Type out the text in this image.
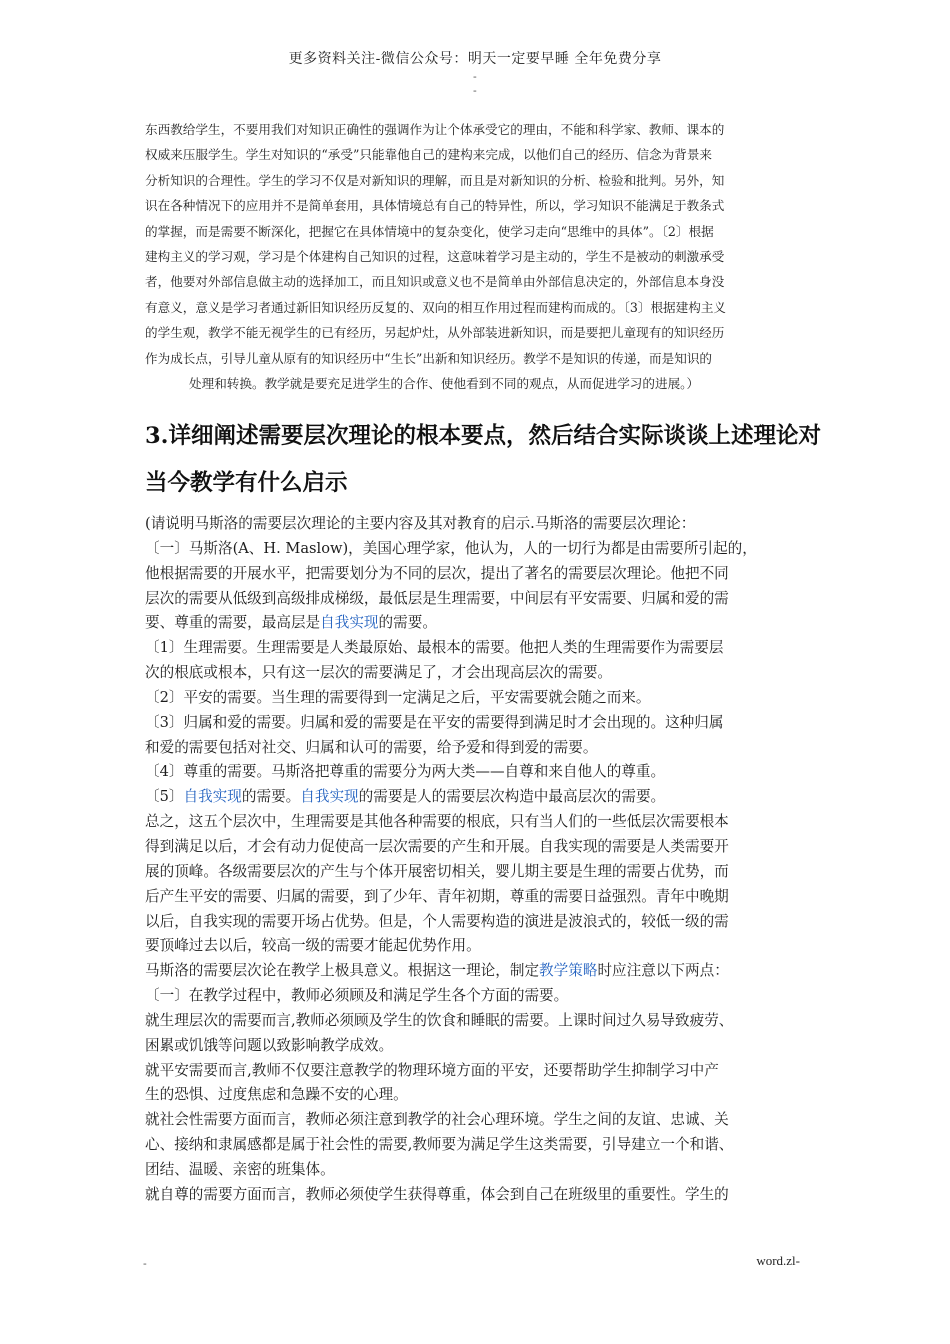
更多资料关注-微信公众号：明天一定要早睡 全年免费分享
-
-
东西教给学生，不要用我们对知识正确性的强调作为让个体承受它的理由，不能和科学家、教师、课本的
权威来压服学生。学生对知识的“承受”只能靠他自己的建构来完成，以他们自己的经历、信念为背景来
分析知识的合理性。学生的学习不仅是对新知识的理解，而且是对新知识的分析、检验和批判。另外，知
识在各种情况下的应用并不是简单套用，具体情境总有自己的特异性，所以，学习知识不能满足于教条式
的掌握，而是需要不断深化，把握它在具体情境中的复杂变化，使学习走向“思维中的具体”。〔2〕根据
建构主义的学习观，学习是个体建构自己知识的过程，这意味着学习是主动的，学生不是被动的刺激承受
者，他要对外部信息做主动的选择加工，而且知识或意义也不是简单由外部信息决定的，外部信息本身没
有意义，意义是学习者通过新旧知识经历反复的、双向的相互作用过程而建构而成的。〔3〕根据建构主义
的学生观，教学不能无视学生的已有经历，另起炉灶，从外部装进新知识，而是要把儿童现有的知识经历
作为成长点，引导儿童从原有的知识经历中“生长”出新和知识经历。教学不是知识的传递，而是知识的
处理和转换。教学就是要充足进学生的合作、使他看到不同的观点，从而促进学习的进展。）
3.详细阐述需要层次理论的根本要点，然后结合实际谈谈上述理论对
当今教学有什么启示
(请说明马斯洛的需要层次理论的主要内容及其对教育的启示.马斯洛的需要层次理论：
〔一〕马斯洛(A、H. Maslow)，美国心理学家，他认为，人的一切行为都是由需要所引起的，
他根据需要的开展水平，把需要划分为不同的层次，提出了著名的需要层次理论。他把不同
层次的需要从低级到高级排成梯级，最低层是生理需要，中间层有平安需要、归属和爱的需
要、尊重的需要，最高层是自我实现的需要。
〔1〕生理需要。生理需要是人类最原始、最根本的需要。他把人类的生理需要作为需要层
次的根底或根本，只有这一层次的需要满足了，才会出现高层次的需要。
〔2〕平安的需要。当生理的需要得到一定满足之后，平安需要就会随之而来。
〔3〕归属和爱的需要。归属和爱的需要是在平安的需要得到满足时才会出现的。这种归属
和爱的需要包括对社交、归属和认可的需要，给予爱和得到爱的需要。
〔4〕尊重的需要。马斯洛把尊重的需要分为两大类——自尊和来自他人的尊重。
〔5〕自我实现的需要。自我实现的需要是人的需要层次构造中最高层次的需要。
总之，这五个层次中，生理需要是其他各种需要的根底，只有当人们的一些低层次需要根本
得到满足以后，才会有动力促使高一层次需要的产生和开展。自我实现的需要是人类需要开
展的顶峰。各级需要层次的产生与个体开展密切相关，婴儿期主要是生理的需要占优势，而
后产生平安的需要、归属的需要，到了少年、青年初期，尊重的需要日益强烈。青年中晚期
以后，自我实现的需要开场占优势。但是，个人需要构造的演进是波浪式的，较低一级的需
要顶峰过去以后，较高一级的需要才能起优势作用。
马斯洛的需要层次论在教学上极具意义。根据这一理论，制定教学策略时应注意以下两点：
〔一〕在教学过程中，教师必须顾及和满足学生各个方面的需要。
就生理层次的需要而言,教师必须顾及学生的饮食和睡眠的需要。上课时间过久易导致疲劳、
困累或饥饿等问题以致影响教学成效。
就平安需要而言,教师不仅要注意教学的物理环境方面的平安，还要帮助学生抑制学习中产
生的恐惧、过度焦虑和急躁不安的心理。
就社会性需要方面而言，教师必须注意到教学的社会心理环境。学生之间的友谊、忠诚、关
心、接纳和隶属感都是属于社会性的需要,教师要为满足学生这类需要，引导建立一个和谐、
团结、温暖、亲密的班集体。
就自尊的需要方面而言，教师必须使学生获得尊重，体会到自己在班级里的重要性。学生的
-	word.zl-
